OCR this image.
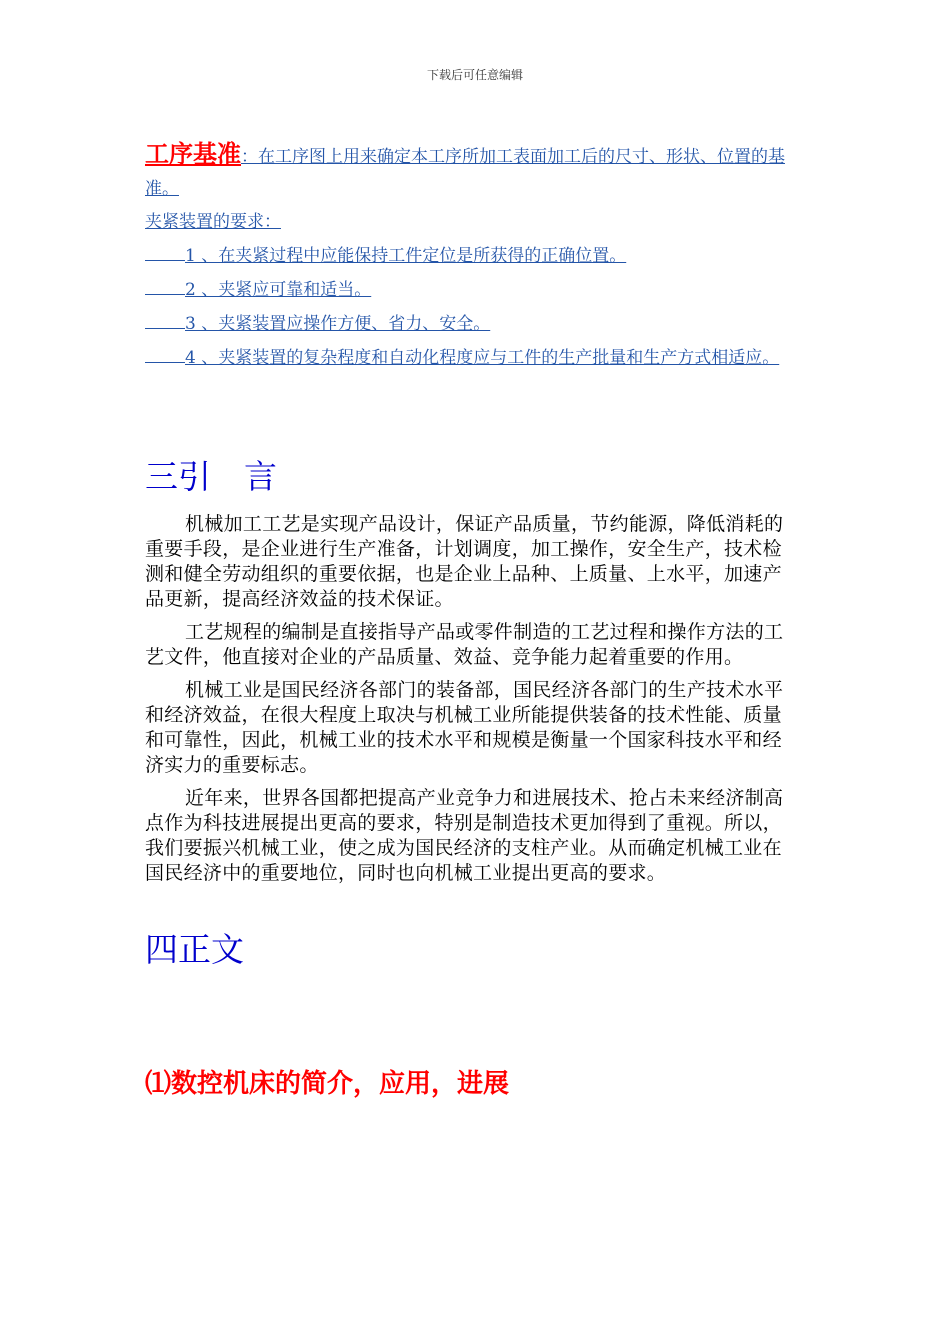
下载后可任意编辑

工序基准：在工序图上用来确定本工序所加工表面加工后的尺寸、形状、位置的基准。

夹紧装置的要求：

1 、在夹紧过程中应能保持工件定位是所获得的正确位置。

2 、夹紧应可靠和适当。

3 、夹紧装置应操作方便、省力、安全。

4 、夹紧装置的复杂程度和自动化程度应与工件的生产批量和生产方式相适应。

三引　言

机械加工工艺是实现产品设计，保证产品质量，节约能源，降低消耗的重要手段，是企业进行生产准备，计划调度，加工操作，安全生产，技术检测和健全劳动组织的重要依据，也是企业上品种、上质量、上水平，加速产品更新，提高经济效益的技术保证。

工艺规程的编制是直接指导产品或零件制造的工艺过程和操作方法的工艺文件，他直接对企业的产品质量、效益、竞争能力起着重要的作用。

机械工业是国民经济各部门的装备部，国民经济各部门的生产技术水平和经济效益，在很大程度上取决与机械工业所能提供装备的技术性能、质量和可靠性，因此，机械工业的技术水平和规模是衡量一个国家科技水平和经济实力的重要标志。

近年来，世界各国都把提高产业竞争力和进展技术、抢占未来经济制高点作为科技进展提出更高的要求，特别是制造技术更加得到了重视。所以，我们要振兴机械工业，使之成为国民经济的支柱产业。从而确定机械工业在国民经济中的重要地位，同时也向机械工业提出更高的要求。

四正文
⑴数控机床的简介，应用，进展
